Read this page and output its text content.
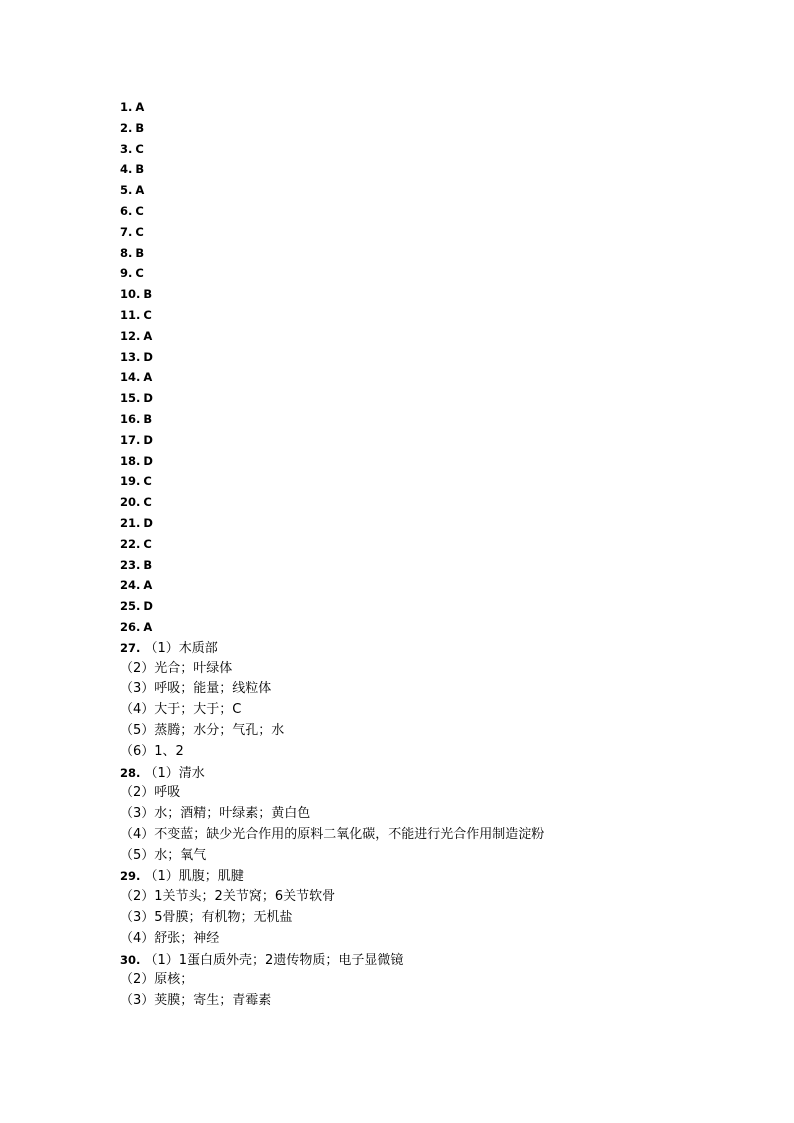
1. A
2. B
3. C
4. B
5. A
6. C
7. C
8. B
9. C
10. B
11. C
12. A
13. D
14. A
15. D
16. B
17. D
18. D
19. C
20. C
21. D
22. C
23. B
24. A
25. D
26. A
27. （1）木质部
（2）光合；叶绿体
（3）呼吸；能量；线粒体
（4）大于；大于；C
（5）蒸腾；水分；气孔；水
（6）1、2
28. （1）清水
（2）呼吸
（3）水；酒精；叶绿素；黄白色
（4）不变蓝；缺少光合作用的原料二氧化碳，不能进行光合作用制造淀粉
（5）水；氧气
29. （1）肌腹；肌腱
（2）1关节头；2关节窝；6关节软骨
（3）5骨膜；有机物；无机盐
（4）舒张；神经
30. （1）1蛋白质外壳；2遗传物质；电子显微镜
（2）原核；
（3）荚膜；寄生；青霉素
